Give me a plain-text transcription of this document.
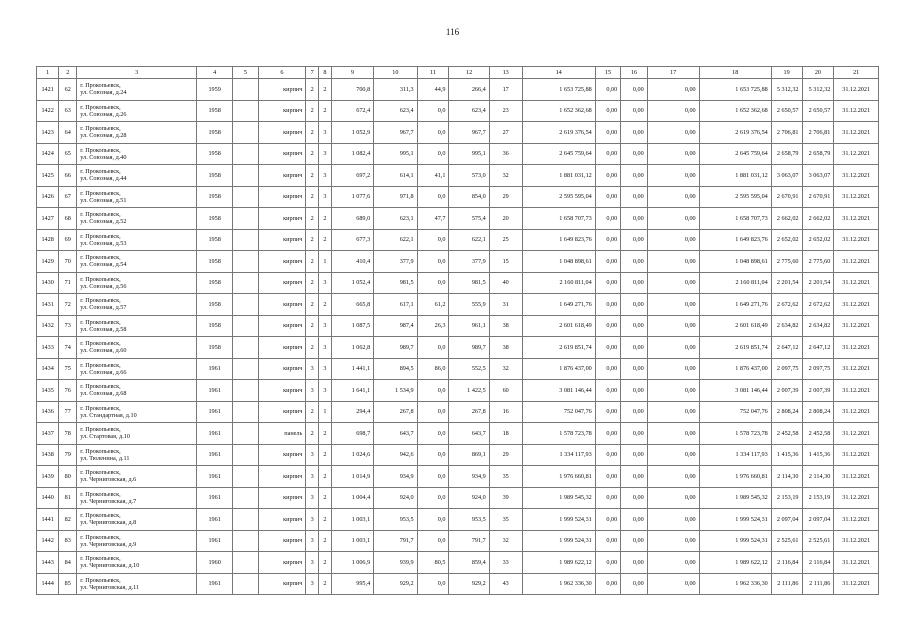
116
1	2	3	4	5	6	7	8	9	10	11	12	13	14	15	16	17	18	19	20	21
1421	62	г. Прокопьевск,
ул. Союзная, д.24	1959		кирпич	2	2	700,8	311,3	44,9	266,4	17	1 653 725,88	0,00	0,00	0,00	1 653 725,88	5 312,32	5 312,32	31.12.2021
1422	63	г. Прокопьевск,
ул. Союзная, д.26	1958		кирпич	2	2	672,4	623,4	0,0	623,4	23	1 652 362,68	0,00	0,00	0,00	1 652 362,68	2 650,57	2 650,57	31.12.2021
1423	64	г. Прокопьевск,
ул. Союзная, д.28	1958		кирпич	2	3	1 052,9	967,7	0,0	967,7	27	2 619 376,54	0,00	0,00	0,00	2 619 376,54	2 706,81	2 706,81	31.12.2021
1424	65	г. Прокопьевск,
ул. Союзная, д.40	1958		кирпич	2	3	1 082,4	995,1	0,0	995,1	36	2 645 759,64	0,00	0,00	0,00	2 645 759,64	2 658,79	2 658,79	31.12.2021
1425	66	г. Прокопьевск,
ул. Союзная, д.44	1958		кирпич	2	3	697,2	614,1	41,1	573,0	32	1 881 031,12	0,00	0,00	0,00	1 881 031,12	3 063,07	3 063,07	31.12.2021
1426	67	г. Прокопьевск,
ул. Союзная, д.51	1958		кирпич	2	3	1 077,6	971,8	0,0	854,0	29	2 595 595,04	0,00	0,00	0,00	2 595 595,04	2 670,91	2 670,91	31.12.2021
1427	68	г. Прокопьевск,
ул. Союзная, д.52	1958		кирпич	2	2	689,0	623,1	47,7	575,4	20	1 658 707,73	0,00	0,00	0,00	1 658 707,73	2 662,02	2 662,02	31.12.2021
1428	69	г. Прокопьевск,
ул. Союзная, д.53	1958		кирпич	2	2	677,3	622,1	0,0	622,1	25	1 649 823,76	0,00	0,00	0,00	1 649 823,76	2 652,02	2 652,02	31.12.2021
1429	70	г. Прокопьевск,
ул. Союзная, д.54	1958		кирпич	2	1	410,4	377,9	0,0	377,9	15	1 048 898,61	0,00	0,00	0,00	1 048 898,61	2 775,60	2 775,60	31.12.2021
1430	71	г. Прокопьевск,
ул. Союзная, д.56	1958		кирпич	2	3	1 052,4	981,5	0,0	981,5	40	2 160 811,04	0,00	0,00	0,00	2 160 811,04	2 201,54	2 201,54	31.12.2021
1431	72	г. Прокопьевск,
ул. Союзная, д.57	1958		кирпич	2	2	665,8	617,1	61,2	555,9	31	1 649 271,76	0,00	0,00	0,00	1 649 271,76	2 672,62	2 672,62	31.12.2021
1432	73	г. Прокопьевск,
ул. Союзная, д.58	1958		кирпич	2	3	1 087,5	987,4	26,3	961,1	38	2 601 618,49	0,00	0,00	0,00	2 601 618,49	2 634,82	2 634,82	31.12.2021
1433	74	г. Прокопьевск,
ул. Союзная, д.60	1958		кирпич	2	3	1 062,8	989,7	0,0	989,7	38	2 619 851,74	0,00	0,00	0,00	2 619 851,74	2 647,12	2 647,12	31.12.2021
1434	75	г. Прокопьевск,
ул. Союзная, д.66	1961		кирпич	3	3	1 441,1	894,5	86,0	552,5	32	1 876 437,00	0,00	0,00	0,00	1 876 437,00	2 097,75	2 097,75	31.12.2021
1435	76	г. Прокопьевск,
ул. Союзная, д.68	1961		кирпич	3	3	1 641,1	1 534,9	0,0	1 422,5	60	3 081 146,44	0,00	0,00	0,00	3 081 146,44	2 007,39	2 007,39	31.12.2021
1436	77	г. Прокопьевск,
ул. Стандартная, д.10	1961		кирпич	2	1	294,4	267,8	0,0	267,8	16	752 047,76	0,00	0,00	0,00	752 047,76	2 808,24	2 808,24	31.12.2021
1437	78	г. Прокопьевск,
ул. Стартовая, д.10	1961		панель	2	2	698,7	643,7	0,0	643,7	18	1 578 723,78	0,00	0,00	0,00	1 578 723,78	2 452,58	2 452,58	31.12.2021
1438	79	г. Прокопьевск,
ул. Тюленина, д.11	1961		кирпич	3	2	1 024,6	942,6	0,0	869,1	29	1 334 117,93	0,00	0,00	0,00	1 334 117,93	1 415,36	1 415,36	31.12.2021
1439	80	г. Прокопьевск,
ул. Черниговская, д.6	1961		кирпич	3	2	1 014,9	934,9	0,0	934,9	35	1 976 660,81	0,00	0,00	0,00	1 976 660,81	2 114,30	2 114,30	31.12.2021
1440	81	г. Прокопьевск,
ул. Черниговская, д.7	1961		кирпич	3	2	1 004,4	924,0	0,0	924,0	39	1 989 545,32	0,00	0,00	0,00	1 989 545,32	2 153,19	2 153,19	31.12.2021
1441	82	г. Прокопьевск,
ул. Черниговская, д.8	1961		кирпич	3	2	1 003,1	953,5	0,0	953,5	35	1 999 524,31	0,00	0,00	0,00	1 999 524,31	2 097,04	2 097,04	31.12.2021
1442	83	г. Прокопьевск,
ул. Черниговская, д.9	1961		кирпич	3	2	1 003,1	791,7	0,0	791,7	32	1 999 524,31	0,00	0,00	0,00	1 999 524,31	2 525,61	2 525,61	31.12.2021
1443	84	г. Прокопьевск,
ул. Черниговская, д.10	1960		кирпич	3	2	1 006,9	939,9	80,5	859,4	33	1 989 622,12	0,00	0,00	0,00	1 989 622,12	2 116,84	2 116,84	31.12.2021
1444	85	г. Прокопьевск,
ул. Черниговская, д.11	1961		кирпич	3	2	995,4	929,2	0,0	929,2	43	1 962 336,30	0,00	0,00	0,00	1 962 336,30	2 111,86	2 111,86	31.12.2021
